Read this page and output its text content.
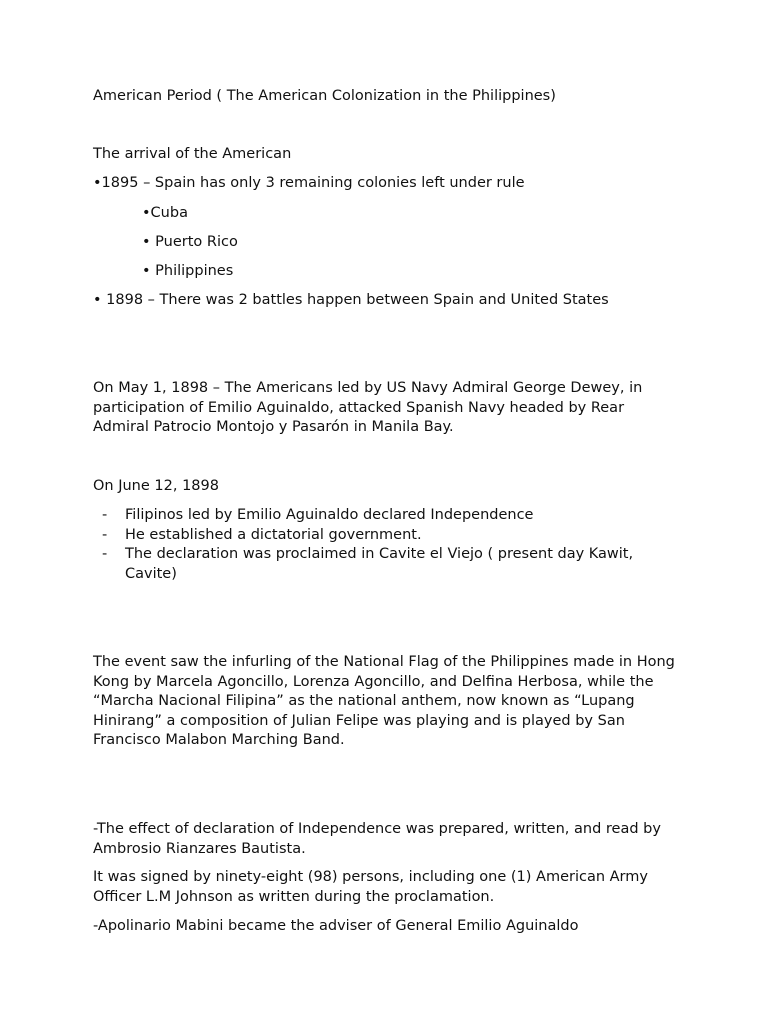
American Period ( The American Colonization in the Philippines)
The arrival of the American
•1895 – Spain has only 3 remaining colonies left under rule
•Cuba
• Puerto Rico
• Philippines
• 1898 – There was 2 battles happen between Spain and United States
On May 1, 1898 – The Americans led by US Navy Admiral George Dewey, in participation of Emilio Aguinaldo, attacked Spanish Navy headed by Rear Admiral Patrocio Montojo y Pasarón in Manila Bay.
On June 12, 1898
- Filipinos led by Emilio Aguinaldo declared Independence
- He established a dictatorial government.
- The declaration was proclaimed in Cavite el Viejo ( present day Kawit, Cavite)
The event saw the infurling of the National Flag of the Philippines made in Hong Kong by Marcela Agoncillo, Lorenza Agoncillo, and Delfina Herbosa, while the “Marcha Nacional Filipina” as the national anthem, now known as “Lupang Hinirang” a composition of Julian Felipe was playing and is played by San Francisco Malabon Marching Band.
-The effect of declaration of Independence was prepared, written, and read by Ambrosio Rianzares Bautista.
It was signed by ninety-eight (98) persons, including one (1) American Army Officer L.M Johnson as written during the proclamation.
-Apolinario Mabini became the adviser of General Emilio Aguinaldo
